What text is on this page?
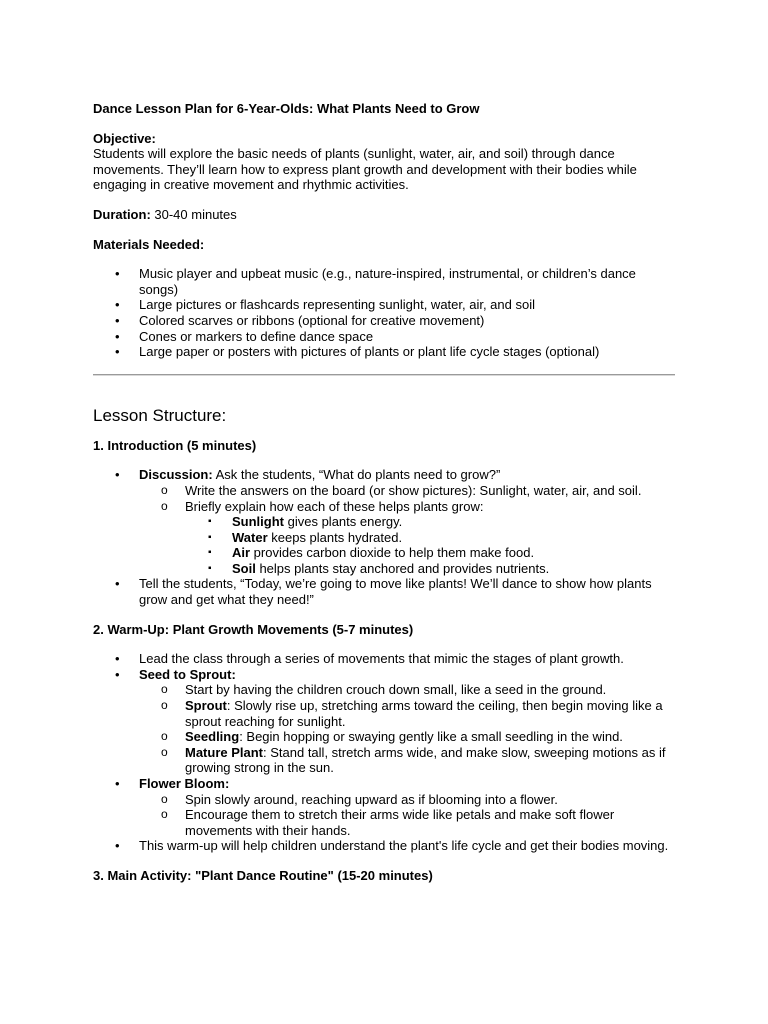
Dance Lesson Plan for 6-Year-Olds: What Plants Need to Grow

Objective:

Students will explore the basic needs of plants (sunlight, water, air, and soil) through dance movements. They’ll learn how to express plant growth and development with their bodies while engaging in creative movement and rhythmic activities.

Duration: 30-40 minutes

Materials Needed:

• Music player and upbeat music (e.g., nature-inspired, instrumental, or children’s dance songs)
• Large pictures or flashcards representing sunlight, water, air, and soil
• Colored scarves or ribbons (optional for creative movement)
• Cones or markers to define dance space
• Large paper or posters with pictures of plants or plant life cycle stages (optional)

Lesson Structure:

1. Introduction (5 minutes)

• Discussion: Ask the students, “What do plants need to grow?”
o Write the answers on the board (or show pictures): Sunlight, water, air, and soil.
o Briefly explain how each of these helps plants grow:
▪ Sunlight gives plants energy.
▪ Water keeps plants hydrated.
▪ Air provides carbon dioxide to help them make food.
▪ Soil helps plants stay anchored and provides nutrients.
• Tell the students, “Today, we’re going to move like plants! We’ll dance to show how plants grow and get what they need!”

2. Warm-Up: Plant Growth Movements (5-7 minutes)

• Lead the class through a series of movements that mimic the stages of plant growth.
• Seed to Sprout:
o Start by having the children crouch down small, like a seed in the ground.
o Sprout: Slowly rise up, stretching arms toward the ceiling, then begin moving like a sprout reaching for sunlight.
o Seedling: Begin hopping or swaying gently like a small seedling in the wind.
o Mature Plant: Stand tall, stretch arms wide, and make slow, sweeping motions as if growing strong in the sun.
• Flower Bloom:
o Spin slowly around, reaching upward as if blooming into a flower.
o Encourage them to stretch their arms wide like petals and make soft flower movements with their hands.
• This warm-up will help children understand the plant's life cycle and get their bodies moving.

3. Main Activity: "Plant Dance Routine" (15-20 minutes)
